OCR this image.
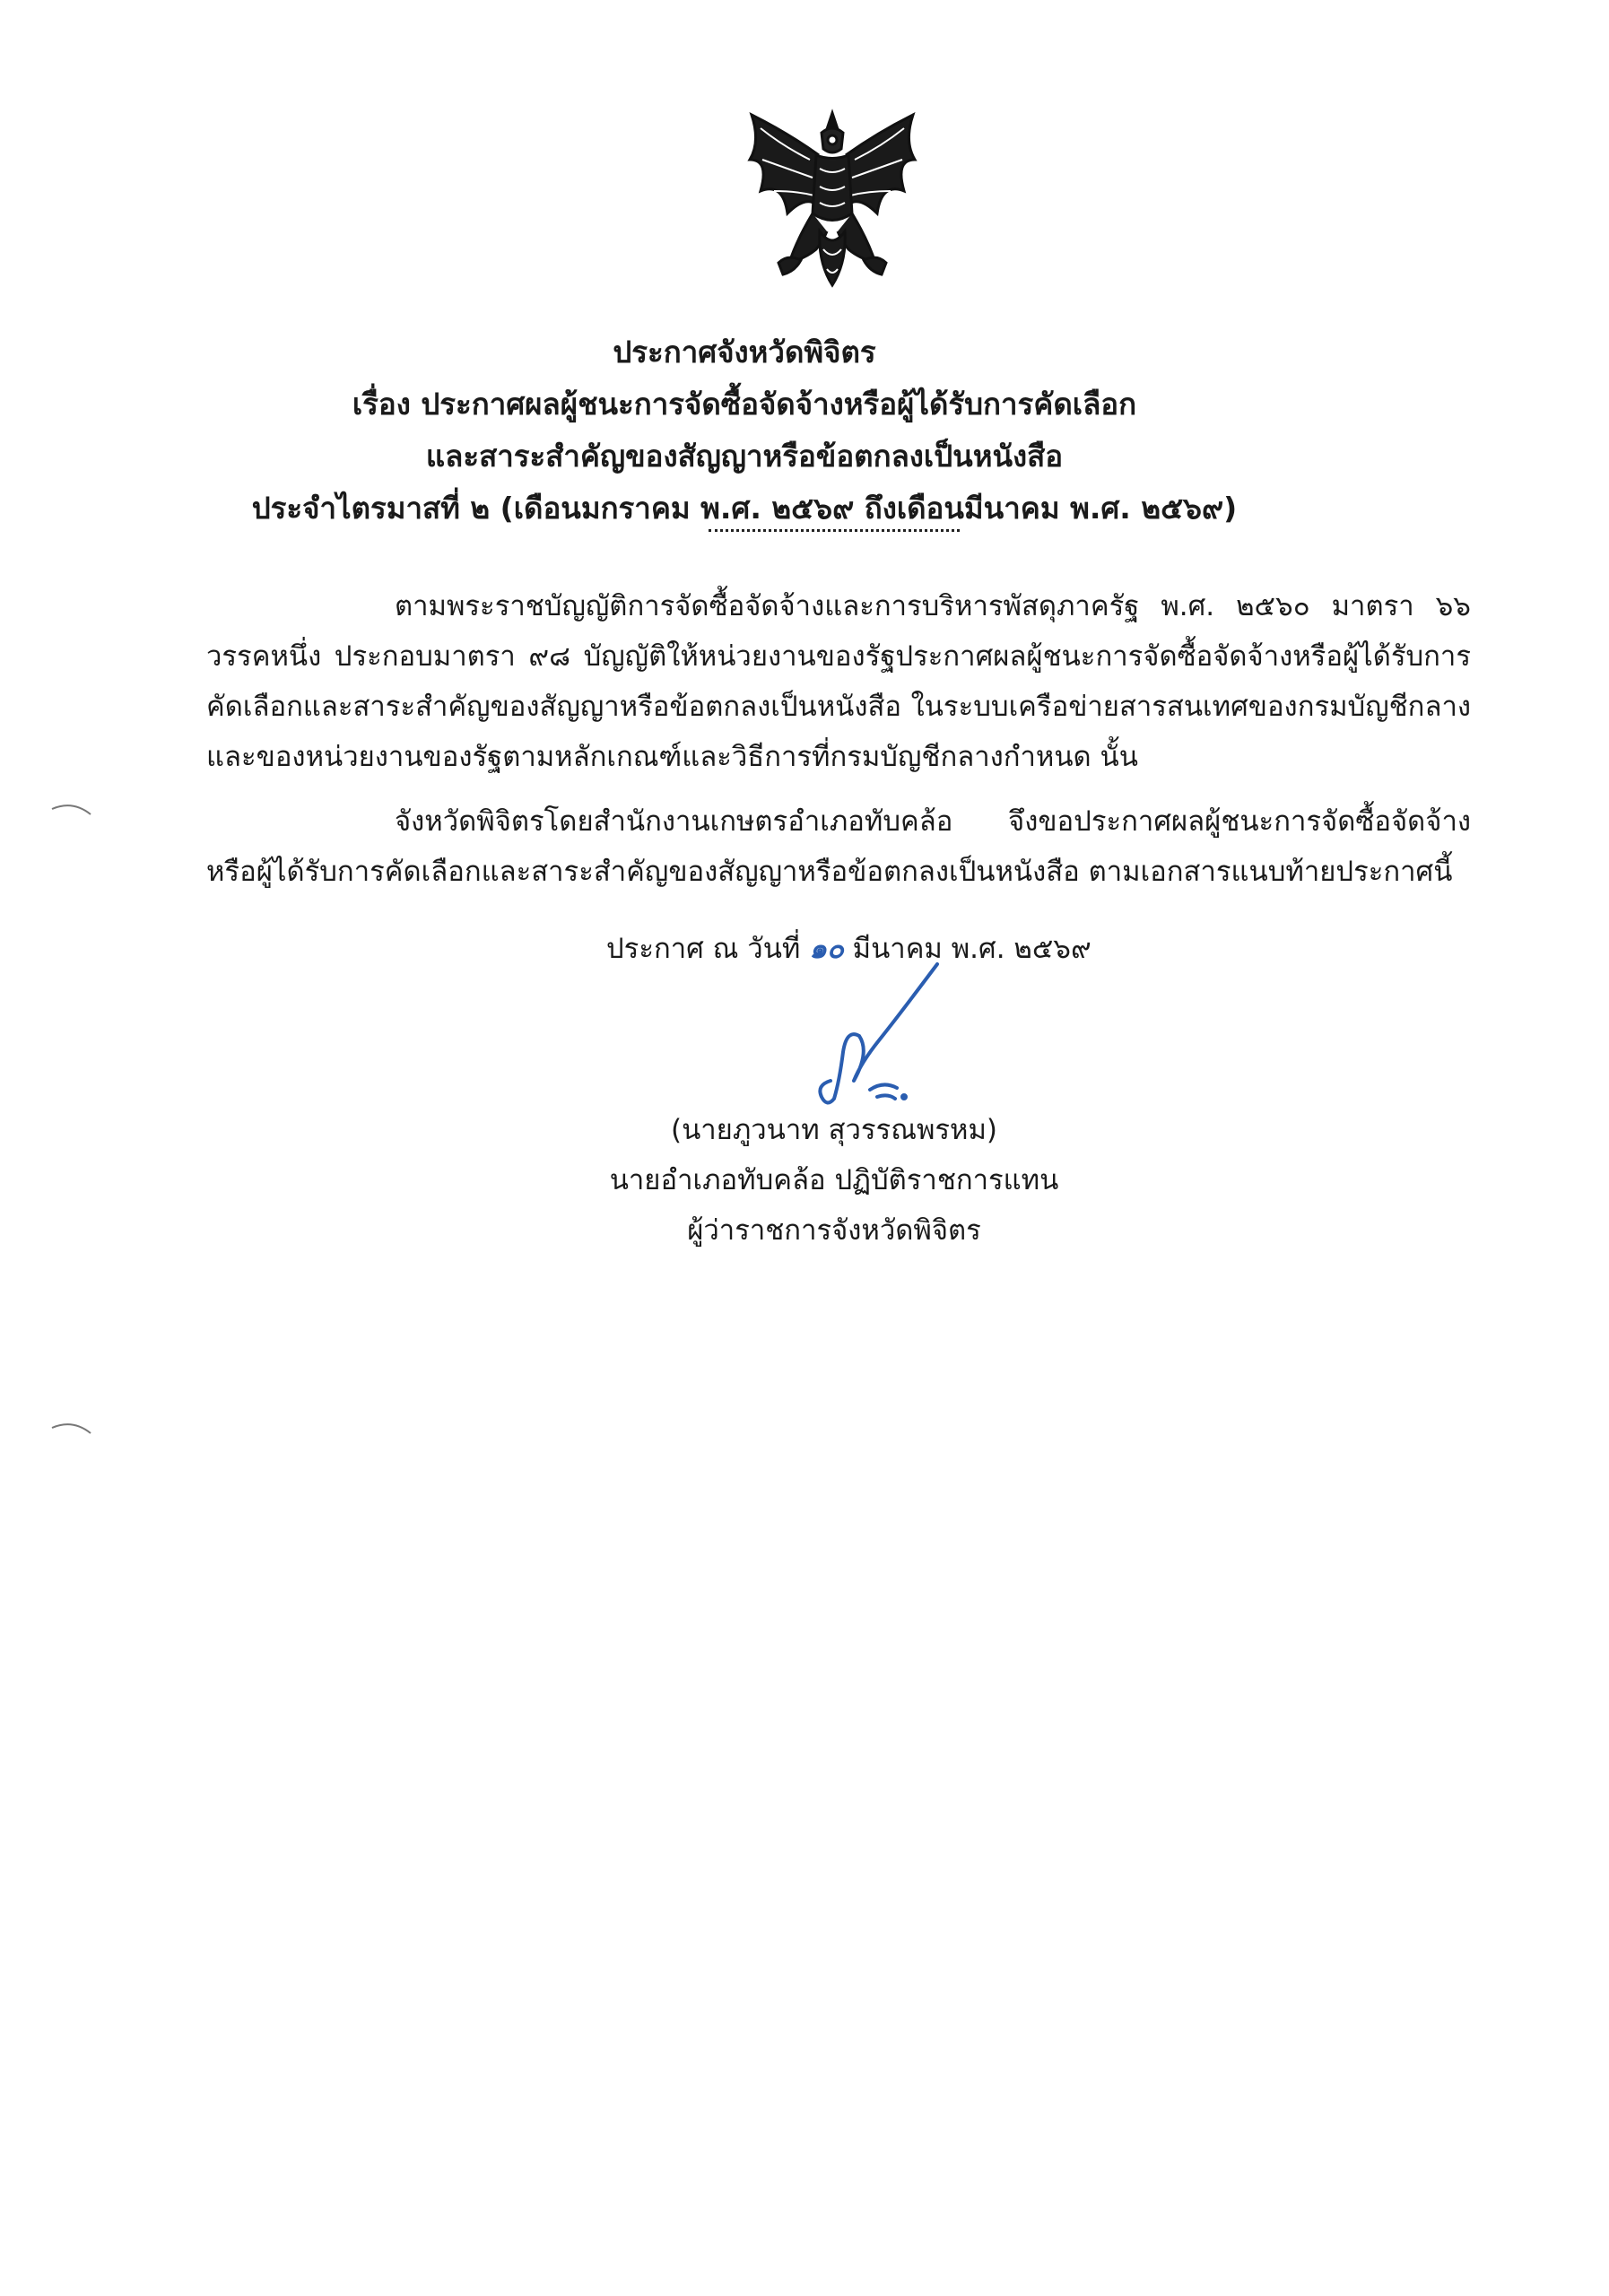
ประกาศจังหวัดพิจิตร
เรื่อง ประกาศผลผู้ชนะการจัดซื้อจัดจ้างหรือผู้ได้รับการคัดเลือก
และสาระสำคัญของสัญญาหรือข้อตกลงเป็นหนังสือ
ประจำไตรมาสที่ ๒ (เดือนมกราคม พ.ศ. ๒๕๖๙ ถึงเดือนมีนาคม พ.ศ. ๒๕๖๙)
ตามพระราชบัญญัติการจัดซื้อจัดจ้างและการบริหารพัสดุภาครัฐ พ.ศ. ๒๕๖๐ มาตรา ๖๖ วรรคหนึ่ง ประกอบมาตรา ๙๘ บัญญัติให้หน่วยงานของรัฐประกาศผลผู้ชนะการจัดซื้อจัดจ้างหรือผู้ได้รับการคัดเลือกและสาระสำคัญของสัญญาหรือข้อตกลงเป็นหนังสือ ในระบบเครือข่ายสารสนเทศของกรมบัญชีกลางและของหน่วยงานของรัฐตามหลักเกณฑ์และวิธีการที่กรมบัญชีกลางกำหนด นั้น
จังหวัดพิจิตรโดยสำนักงานเกษตรอำเภอทับคล้อ จึงขอประกาศผลผู้ชนะการจัดซื้อจัดจ้างหรือผู้ได้รับการคัดเลือกและสาระสำคัญของสัญญาหรือข้อตกลงเป็นหนังสือ ตามเอกสารแนบท้ายประกาศนี้
ประกาศ ณ วันที่ ๑๐ มีนาคม พ.ศ. ๒๕๖๙
(นายภูวนาท สุวรรณพรหม)
นายอำเภอทับคล้อ ปฏิบัติราชการแทน
ผู้ว่าราชการจังหวัดพิจิตร
